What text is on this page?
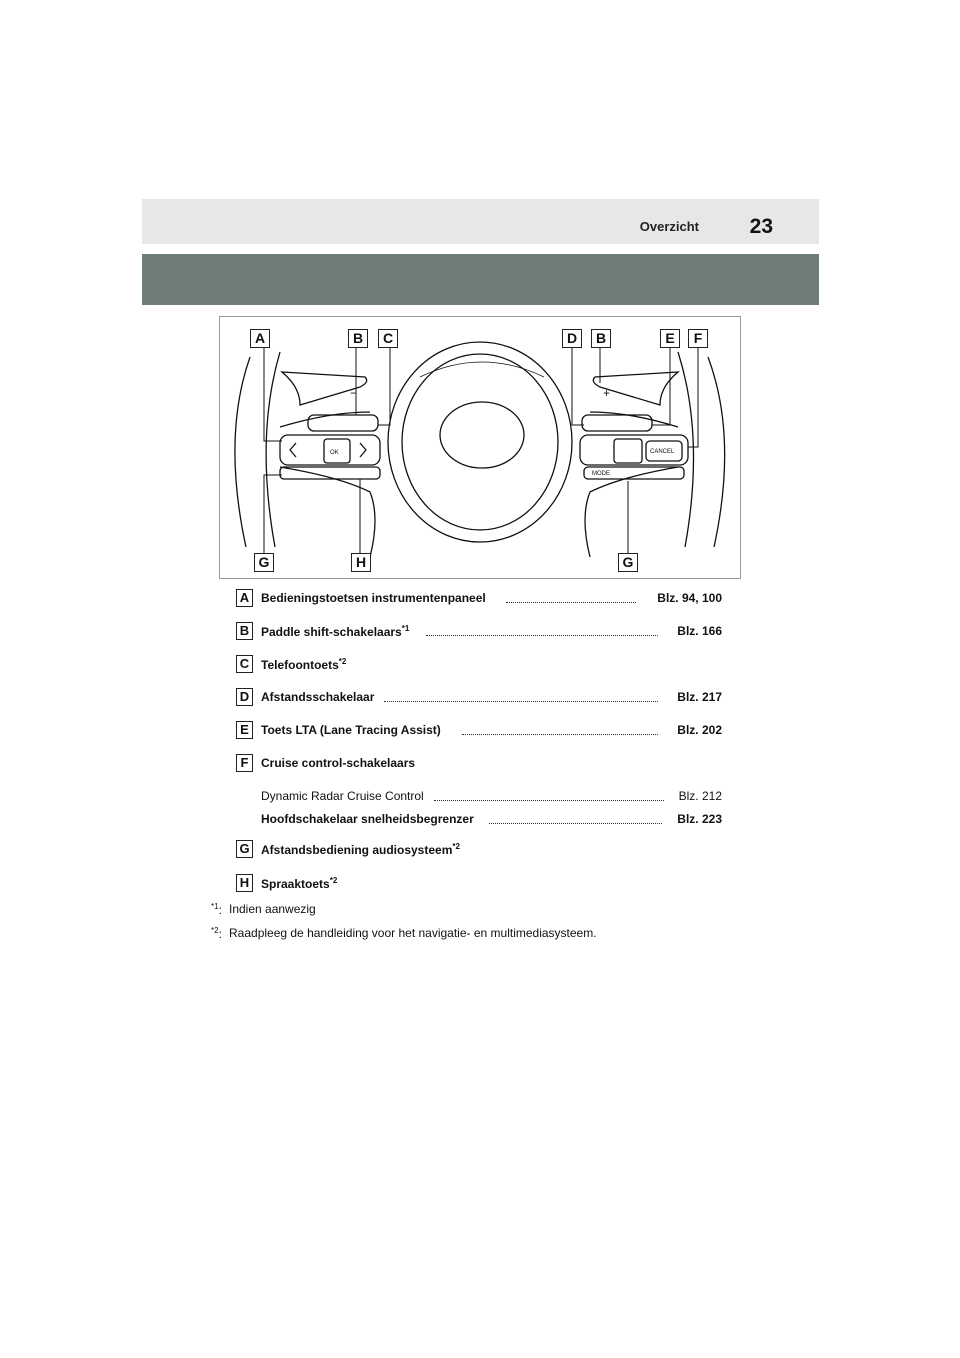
Overzicht 23
OK	CANCEL
MODE
−	+
A	B	C	D	B	E	F
G	H	G
A Bedieningstoetsen instrumentenpaneel	Blz. 94, 100
B Paddle shift-schakelaars$^{*1}$	Blz. 166
C Telefoontoets$^{*2}$
D Afstandsschakelaar	Blz. 217
E	Toets LTA (Lane Tracing Assist)	Blz. 202
F	Cruise control-schakelaars
Dynamic Radar Cruise Control	Blz. 212
Hoofdschakelaar snelheidsbegrenzer	Blz. 223
G Afstandsbediening audiosysteem$^{*2}$
H Spraaktoets$^{*2}$
$^{*1}$: Indien aanwezig
$^{*2}$: Raadpleeg de handleiding voor het navigatie- en multimediasysteem.
